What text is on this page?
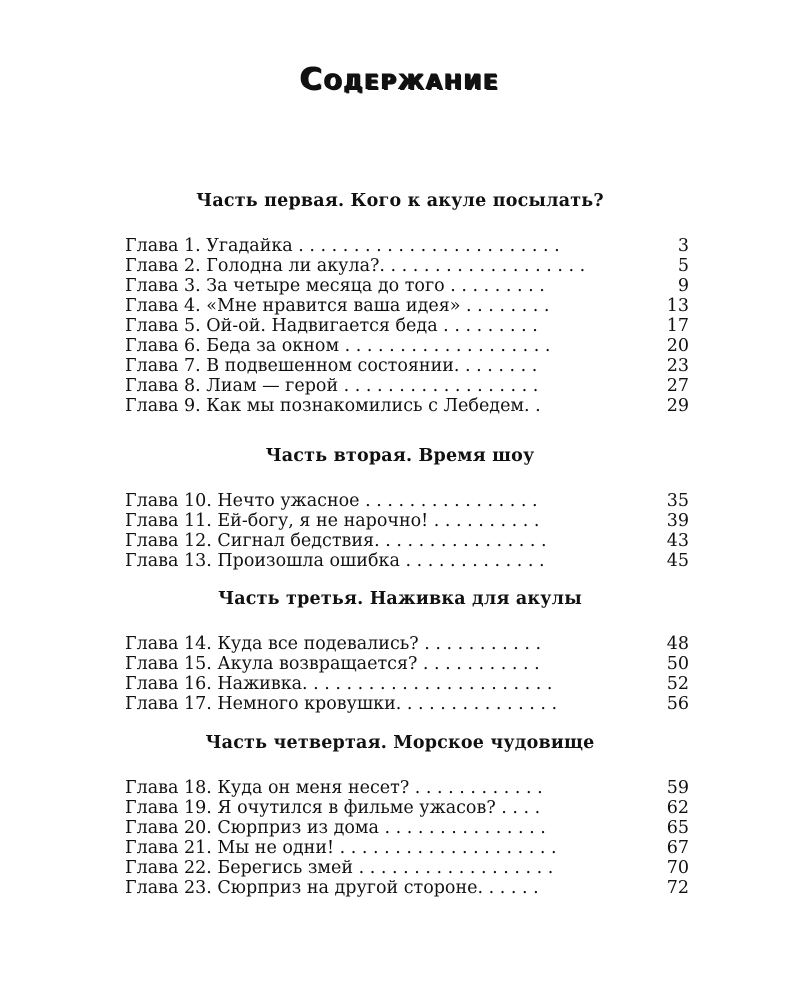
Содержание
Часть первая. Кого к акуле посылать?
Глава 1. Угадайка . . . . . . . . . . . . . . . . . . . . . . . .	3
Глава 2. Голодна ли акула?. . . . . . . . . . . . . . . . . . .	5
Глава 3. За четыре месяца до того . . . . . . . . .	9
Глава 4. «Мне нравится ваша идея» . . . . . . . .	13
Глава 5. Ой-ой. Надвигается беда . . . . . . . . .	17
Глава 6. Беда за окном . . . . . . . . . . . . . . . . . . .	20
Глава 7. В подвешенном состоянии. . . . . . . .	23
Глава 8. Лиам — герой . . . . . . . . . . . . . . . . . .	27
Глава 9. Как мы познакомились с Лебедем. .	29
Часть вторая. Время шоу
Глава 10. Нечто ужасное . . . . . . . . . . . . . . . .	35
Глава 11. Ей-богу, я не нарочно! . . . . . . . . . .	39
Глава 12. Сигнал бедствия. . . . . . . . . . . . . . . .	43
Глава 13. Произошла ошибка . . . . . . . . . . . . .	45
Часть третья. Наживка для акулы
Глава 14. Куда все подевались? . . . . . . . . . . .	48
Глава 15. Акула возвращается? . . . . . . . . . . .	50
Глава 16. Наживка. . . . . . . . . . . . . . . . . . . . . . .	52
Глава 17. Немного кровушки. . . . . . . . . . . . . . .	56
Часть четвертая. Морское чудовище
Глава 18. Куда он меня несет? . . . . . . . . . . . .	59
Глава 19. Я очутился в фильме ужасов? . . . .	62
Глава 20. Сюрприз из дома . . . . . . . . . . . . . . .	65
Глава 21. Мы не одни! . . . . . . . . . . . . . . . . . . . .	67
Глава 22. Берегись змей . . . . . . . . . . . . . . . . . .	70
Глава 23. Сюрприз на другой стороне. . . . . .	72
